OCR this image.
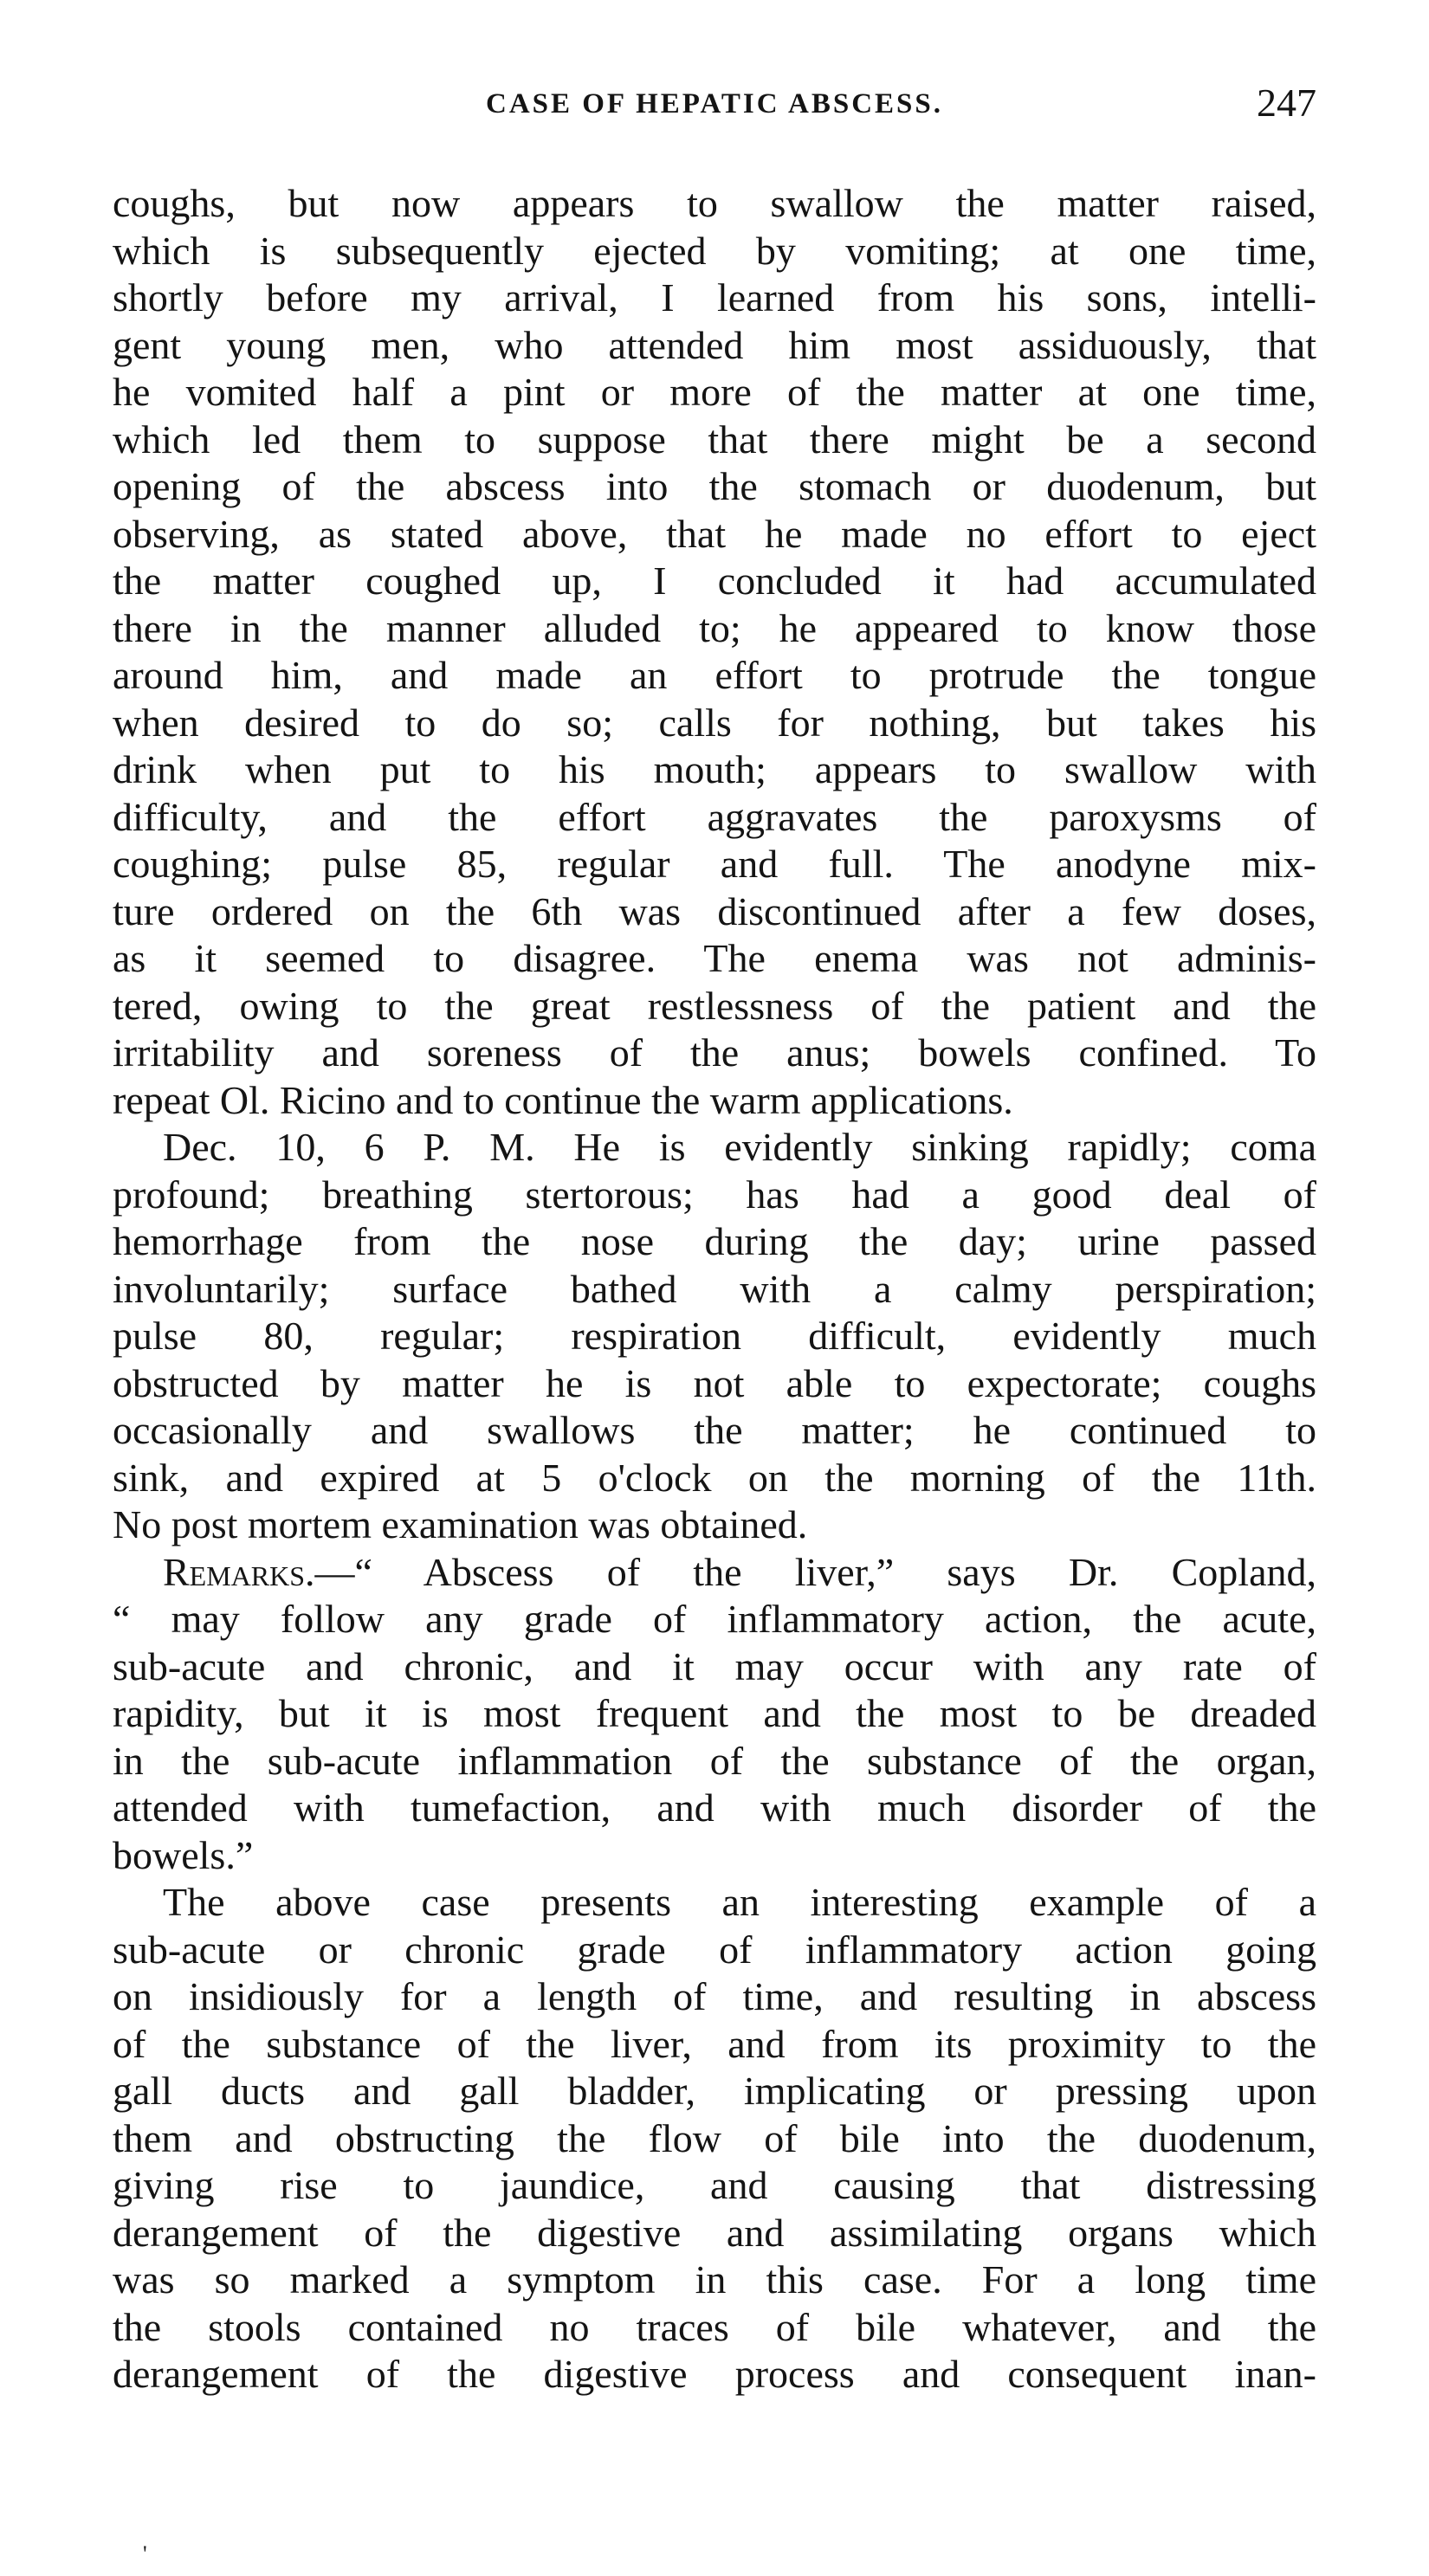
CASE OF HEPATIC ABSCESS.	247
coughs, but now appears to swallow the matter raised,
which is subsequently ejected by vomiting; at one time,
shortly before my arrival, I learned from his sons, intelli-
gent young men, who attended him most assiduously, that
he vomited half a pint or more of the matter at one time,
which led them to suppose that there might be a second
opening of the abscess into the stomach or duodenum, but
observing, as stated above, that he made no effort to eject
the matter coughed up, I concluded it had accumulated
there in the manner alluded to; he appeared to know those
around him, and made an effort to protrude the tongue
when desired to do so; calls for nothing, but takes his
drink when put to his mouth; appears to swallow with
difficulty, and the effort aggravates the paroxysms of
coughing; pulse 85, regular and full. The anodyne mix-
ture ordered on the 6th was discontinued after a few doses,
as it seemed to disagree. The enema was not adminis-
tered, owing to the great restlessness of the patient and the
irritability and soreness of the anus; bowels confined. To
repeat Ol. Ricino and to continue the warm applications.
Dec. 10, 6 P. M. He is evidently sinking rapidly; coma
profound; breathing stertorous; has had a good deal of
hemorrhage from the nose during the day; urine passed
involuntarily; surface bathed with a calmy perspiration;
pulse 80, regular; respiration difficult, evidently much
obstructed by matter he is not able to expectorate; coughs
occasionally and swallows the matter; he continued to
sink, and expired at 5 o'clock on the morning of the 11th.
No post mortem examination was obtained.
Remarks.—“ Abscess of the liver,” says Dr. Copland,
“ may follow any grade of inflammatory action, the acute,
sub-acute and chronic, and it may occur with any rate of
rapidity, but it is most frequent and the most to be dreaded
in the sub-acute inflammation of the substance of the organ,
attended with tumefaction, and with much disorder of the
bowels.”
The above case presents an interesting example of a
sub-acute or chronic grade of inflammatory action going
on insidiously for a length of time, and resulting in abscess
of the substance of the liver, and from its proximity to the
gall ducts and gall bladder, implicating or pressing upon
them and obstructing the flow of bile into the duodenum,
giving rise to jaundice, and causing that distressing
derangement of the digestive and assimilating organs which
was so marked a symptom in this case. For a long time
the stools contained no traces of bile whatever, and the
derangement of the digestive process and consequent inan-
'
